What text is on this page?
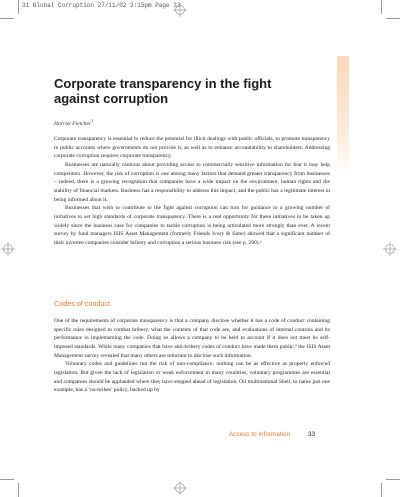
31 Global Corruption 27/11/02 3:15pm Page 33
Corporate transparency in the fight against corruption
Harriet Fletcher$^1$

Corporate transparency is essential to reduce the potential for illicit dealings with public officials, to promote transparency in public accounts where governments do not provide it, as well as to enhance accountability to shareholders. Addressing corporate corruption requires corporate transparency.

Businesses are naturally cautious about providing access to commercially sensitive information for fear it may help competitors. However, the risk of corruption is one among many factors that demand greater transparency from businesses – indeed, there is a growing recognition that companies have a wide impact on the environment, human rights and the stability of financial markets. Business has a responsibility to address this impact, and the public has a legitimate interest in being informed about it.

Businesses that wish to contribute to the fight against corruption can turn for guidance to a growing number of initiatives to set high standards of corporate transparency. There is a real opportunity for these initiatives to be taken up widely since the business case for companies to tackle corruption is being articulated more strongly than ever. A recent survey by fund managers ISIS Asset Management (formerly Friends Ivory & Sime) showed that a significant number of their investee companies consider bribery and corruption a serious business risk (see p. 290).²

Codes of conduct

One of the requirements of corporate transparency is that a company disclose whether it has a code of conduct containing specific rules designed to combat bribery, what the contents of that code are, and evaluations of internal controls and its performance in implementing the code. Doing so allows a company to be held to account if it does not meet its self-imposed standards. While many companies that have anti-bribery codes of conduct have made them public,³ the ISIS Asset Management survey revealed that many others are reluctant to disclose such information.

Voluntary codes and guidelines run the risk of non-compliance; nothing can be as effective as properly enforced legislation. But given the lack of legislation or weak enforcement in many countries, voluntary programmes are essential and companies should be applauded where they have stepped ahead of legislation. Oil multinational Shell, to name just one example, has a ‘no-bribes’ policy, backed up by

Access to information	33
